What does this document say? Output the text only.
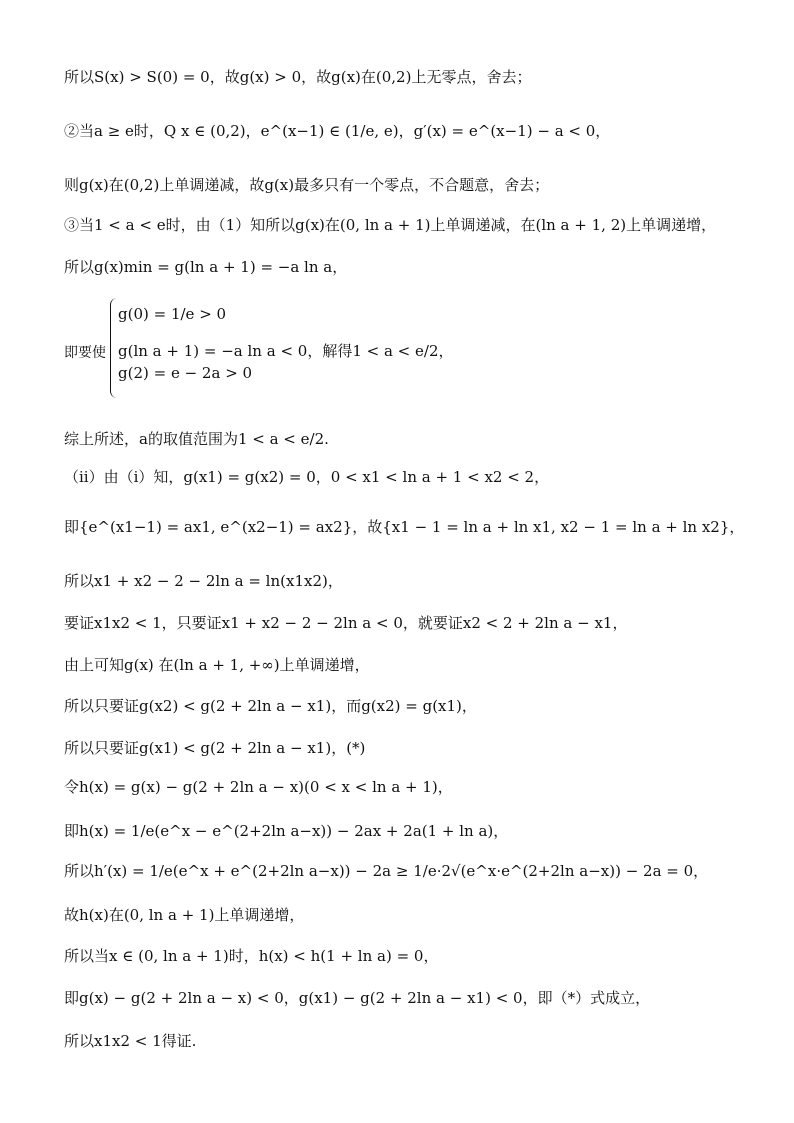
所以S(x) > S(0) = 0，故g(x) > 0，故g(x)在(0,2)上无零点，舍去；
②当a ≥ e时，Q x ∈ (0,2)，e^(x−1) ∈ (1/e, e)，g′(x) = e^(x−1) − a < 0，
则g(x)在(0,2)上单调递减，故g(x)最多只有一个零点，不合题意，舍去；
③当1 < a < e时，由（1）知所以g(x)在(0, ln a + 1)上单调递减，在(ln a + 1, 2)上单调递增，
所以g(x)min = g(ln a + 1) = −a ln a，
即要使
g(0) = 1/e > 0
g(ln a + 1) = −a ln a < 0，解得1 < a < e/2，
g(2) = e − 2a > 0
综上所述，a的取值范围为1 < a < e/2.
（ii）由（i）知，g(x1) = g(x2) = 0，0 < x1 < ln a + 1 < x2 < 2，
即{e^(x1−1) = ax1, e^(x2−1) = ax2}，故{x1 − 1 = ln a + ln x1, x2 − 1 = ln a + ln x2}，
所以x1 + x2 − 2 − 2ln a = ln(x1x2)，
要证x1x2 < 1，只要证x1 + x2 − 2 − 2ln a < 0，就要证x2 < 2 + 2ln a − x1，
由上可知g(x) 在(ln a + 1, +∞)上单调递增，
所以只要证g(x2) < g(2 + 2ln a − x1)，而g(x2) = g(x1)，
所以只要证g(x1) < g(2 + 2ln a − x1)，(*)
令h(x) = g(x) − g(2 + 2ln a − x)(0 < x < ln a + 1)，
即h(x) = 1/e(e^x − e^(2+2ln a−x)) − 2ax + 2a(1 + ln a)，
所以h′(x) = 1/e(e^x + e^(2+2ln a−x)) − 2a ≥ 1/e·2√(e^x·e^(2+2ln a−x)) − 2a = 0，
故h(x)在(0, ln a + 1)上单调递增，
所以当x ∈ (0, ln a + 1)时，h(x) < h(1 + ln a) = 0，
即g(x) − g(2 + 2ln a − x) < 0，g(x1) − g(2 + 2ln a − x1) < 0，即（*）式成立，
所以x1x2 < 1得证.
